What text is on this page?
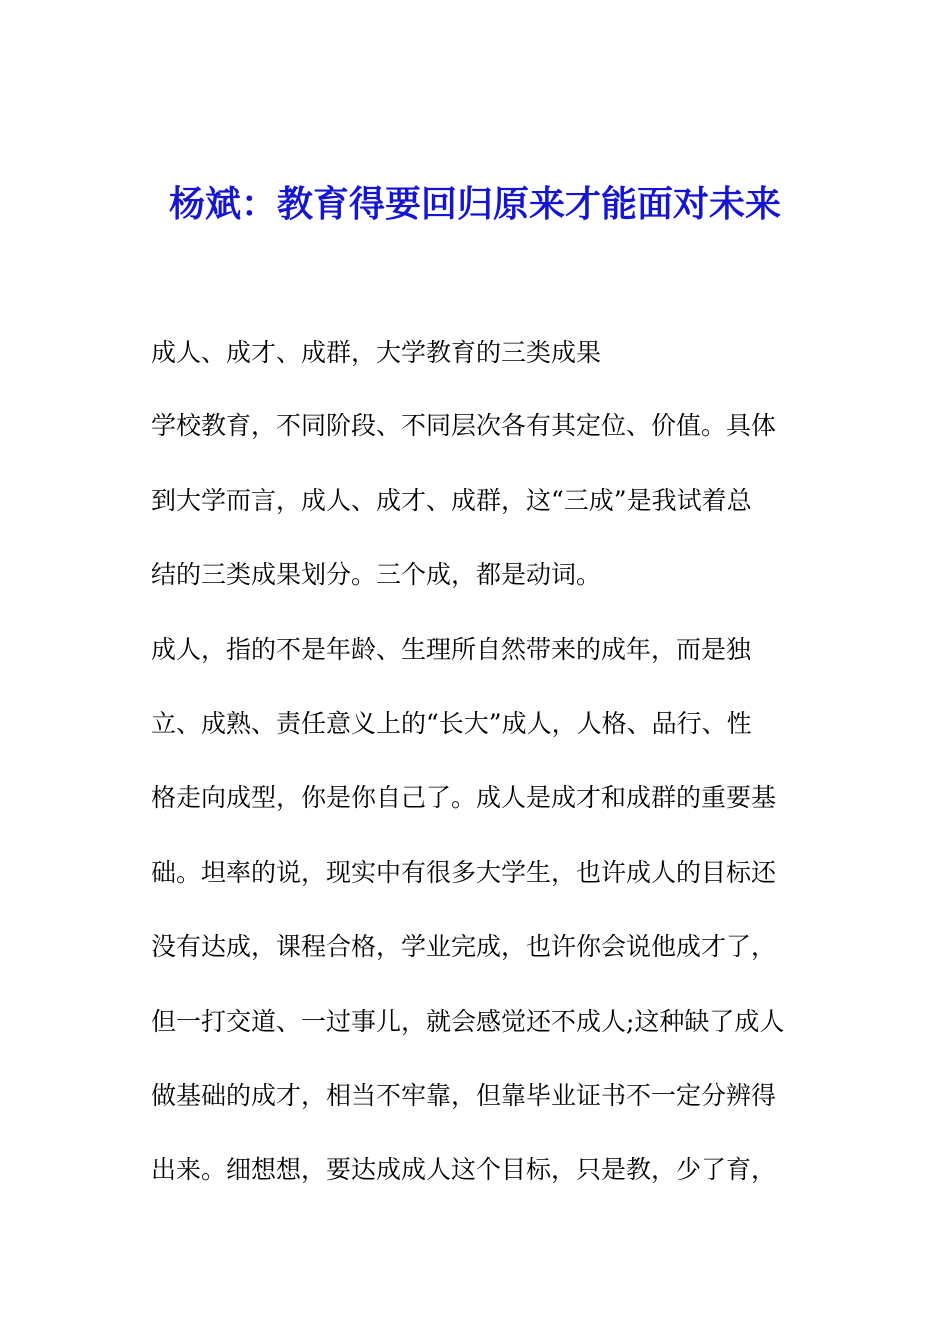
杨斌：教育得要回归原来才能面对未来
成人、成才、成群，大学教育的三类成果
学校教育，不同阶段、不同层次各有其定位、价值。具体
到大学而言，成人、成才、成群，这“三成”是我试着总
结的三类成果划分。三个成，都是动词。
成人，指的不是年龄、生理所自然带来的成年，而是独
立、成熟、责任意义上的“长大”成人，人格、品行、性
格走向成型，你是你自己了。成人是成才和成群的重要基
础。坦率的说，现实中有很多大学生，也许成人的目标还
没有达成，课程合格，学业完成，也许你会说他成才了，
但一打交道、一过事儿，就会感觉还不成人;这种缺了成人
做基础的成才，相当不牢靠，但靠毕业证书不一定分辨得
出来。细想想，要达成成人这个目标，只是教，少了育，
